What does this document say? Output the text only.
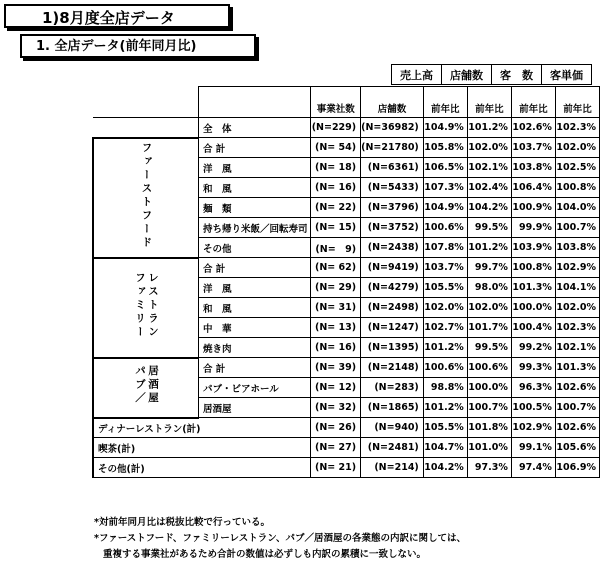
1)8月度全店データ
1. 全店データ(前年同月比)
売上高	店舗数	客　数	客単価
		事業社数	店舗数	前年比	前年比	前年比	前年比
	全　体	(N=229)	(N=36982)	104.9%	101.2%	102.6%	102.3%
ファーストフード	合 計	(N= 54)	(N=21780)	105.8%	102.0%	103.7%	102.0%
	洋　風	(N= 18)	(N=6361)	106.5%	102.1%	103.8%	102.5%
	和　風	(N= 16)	(N=5433)	107.3%	102.4%	106.4%	100.8%
	麺　類	(N= 22)	(N=3796)	104.9%	104.2%	100.9%	104.0%
	持ち帰り米飯／回転寿司	(N= 15)	(N=3752)	100.6%	99.5%	99.9%	100.7%
	その他	(N=　9)	(N=2438)	107.8%	101.2%	103.9%	103.8%
ファミリーレストラン	合 計	(N= 62)	(N=9419)	103.7%	99.7%	100.8%	102.9%
	洋　風	(N= 29)	(N=4279)	105.5%	98.0%	101.3%	104.1%
	和　風	(N= 31)	(N=2498)	102.0%	102.0%	100.0%	102.0%
	中　華	(N= 13)	(N=1247)	102.7%	101.7%	100.4%	102.3%
	焼き肉	(N= 16)	(N=1395)	101.2%	99.5%	99.2%	102.1%
パブ／居酒屋	合 計	(N= 39)	(N=2148)	100.6%	100.6%	99.3%	101.3%
	パブ・ビアホール	(N= 12)	(N=283)	98.8%	100.0%	96.3%	102.6%
	居酒屋	(N= 32)	(N=1865)	101.2%	100.7%	100.5%	100.7%
ディナーレストラン(計)		(N= 26)	(N=940)	105.5%	101.8%	102.9%	102.6%
喫茶(計)		(N= 27)	(N=2481)	104.7%	101.0%	99.1%	105.6%
その他(計)		(N= 21)	(N=214)	104.2%	97.3%	97.4%	106.9%
*対前年同月比は税抜比較で行っている。
*ファーストフード、ファミリーレストラン、パブ／居酒屋の各業態の内訳に関しては、
重複する事業社があるため合計の数値は必ずしも内訳の累積に一致しない。
